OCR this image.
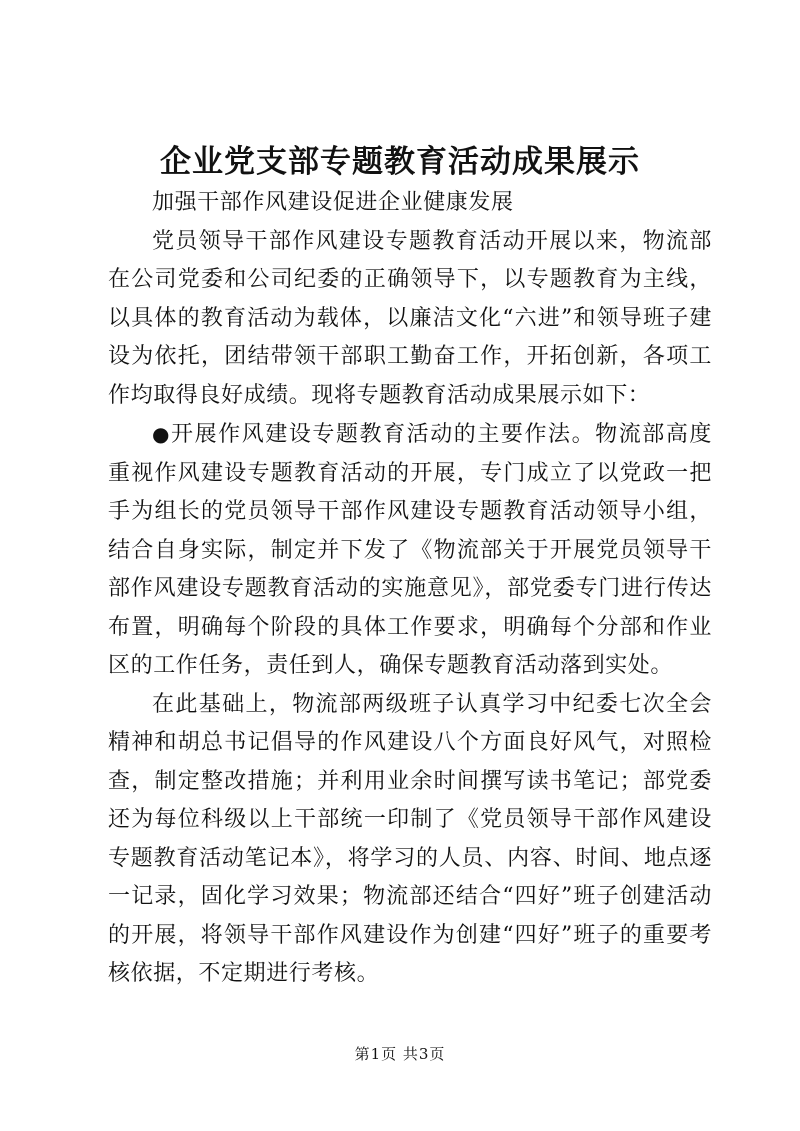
企业党支部专题教育活动成果展示

加强干部作风建设促进企业健康发展

党员领导干部作风建设专题教育活动开展以来，物流部在公司党委和公司纪委的正确领导下，以专题教育为主线，以具体的教育活动为载体，以廉洁文化“六进”和领导班子建设为依托，团结带领干部职工勤奋工作，开拓创新，各项工作均取得良好成绩。现将专题教育活动成果展示如下：

●开展作风建设专题教育活动的主要作法。物流部高度重视作风建设专题教育活动的开展，专门成立了以党政一把手为组长的党员领导干部作风建设专题教育活动领导小组，结合自身实际，制定并下发了《物流部关于开展党员领导干部作风建设专题教育活动的实施意见》，部党委专门进行传达布置，明确每个阶段的具体工作要求，明确每个分部和作业区的工作任务，责任到人，确保专题教育活动落到实处。

在此基础上，物流部两级班子认真学习中纪委七次全会精神和胡总书记倡导的作风建设八个方面良好风气，对照检查，制定整改措施；并利用业余时间撰写读书笔记；部党委还为每位科级以上干部统一印制了《党员领导干部作风建设专题教育活动笔记本》，将学习的人员、内容、时间、地点逐一记录，固化学习效果；物流部还结合“四好”班子创建活动的开展，将领导干部作风建设作为创建“四好”班子的重要考核依据，不定期进行考核。

第1页 共3页
